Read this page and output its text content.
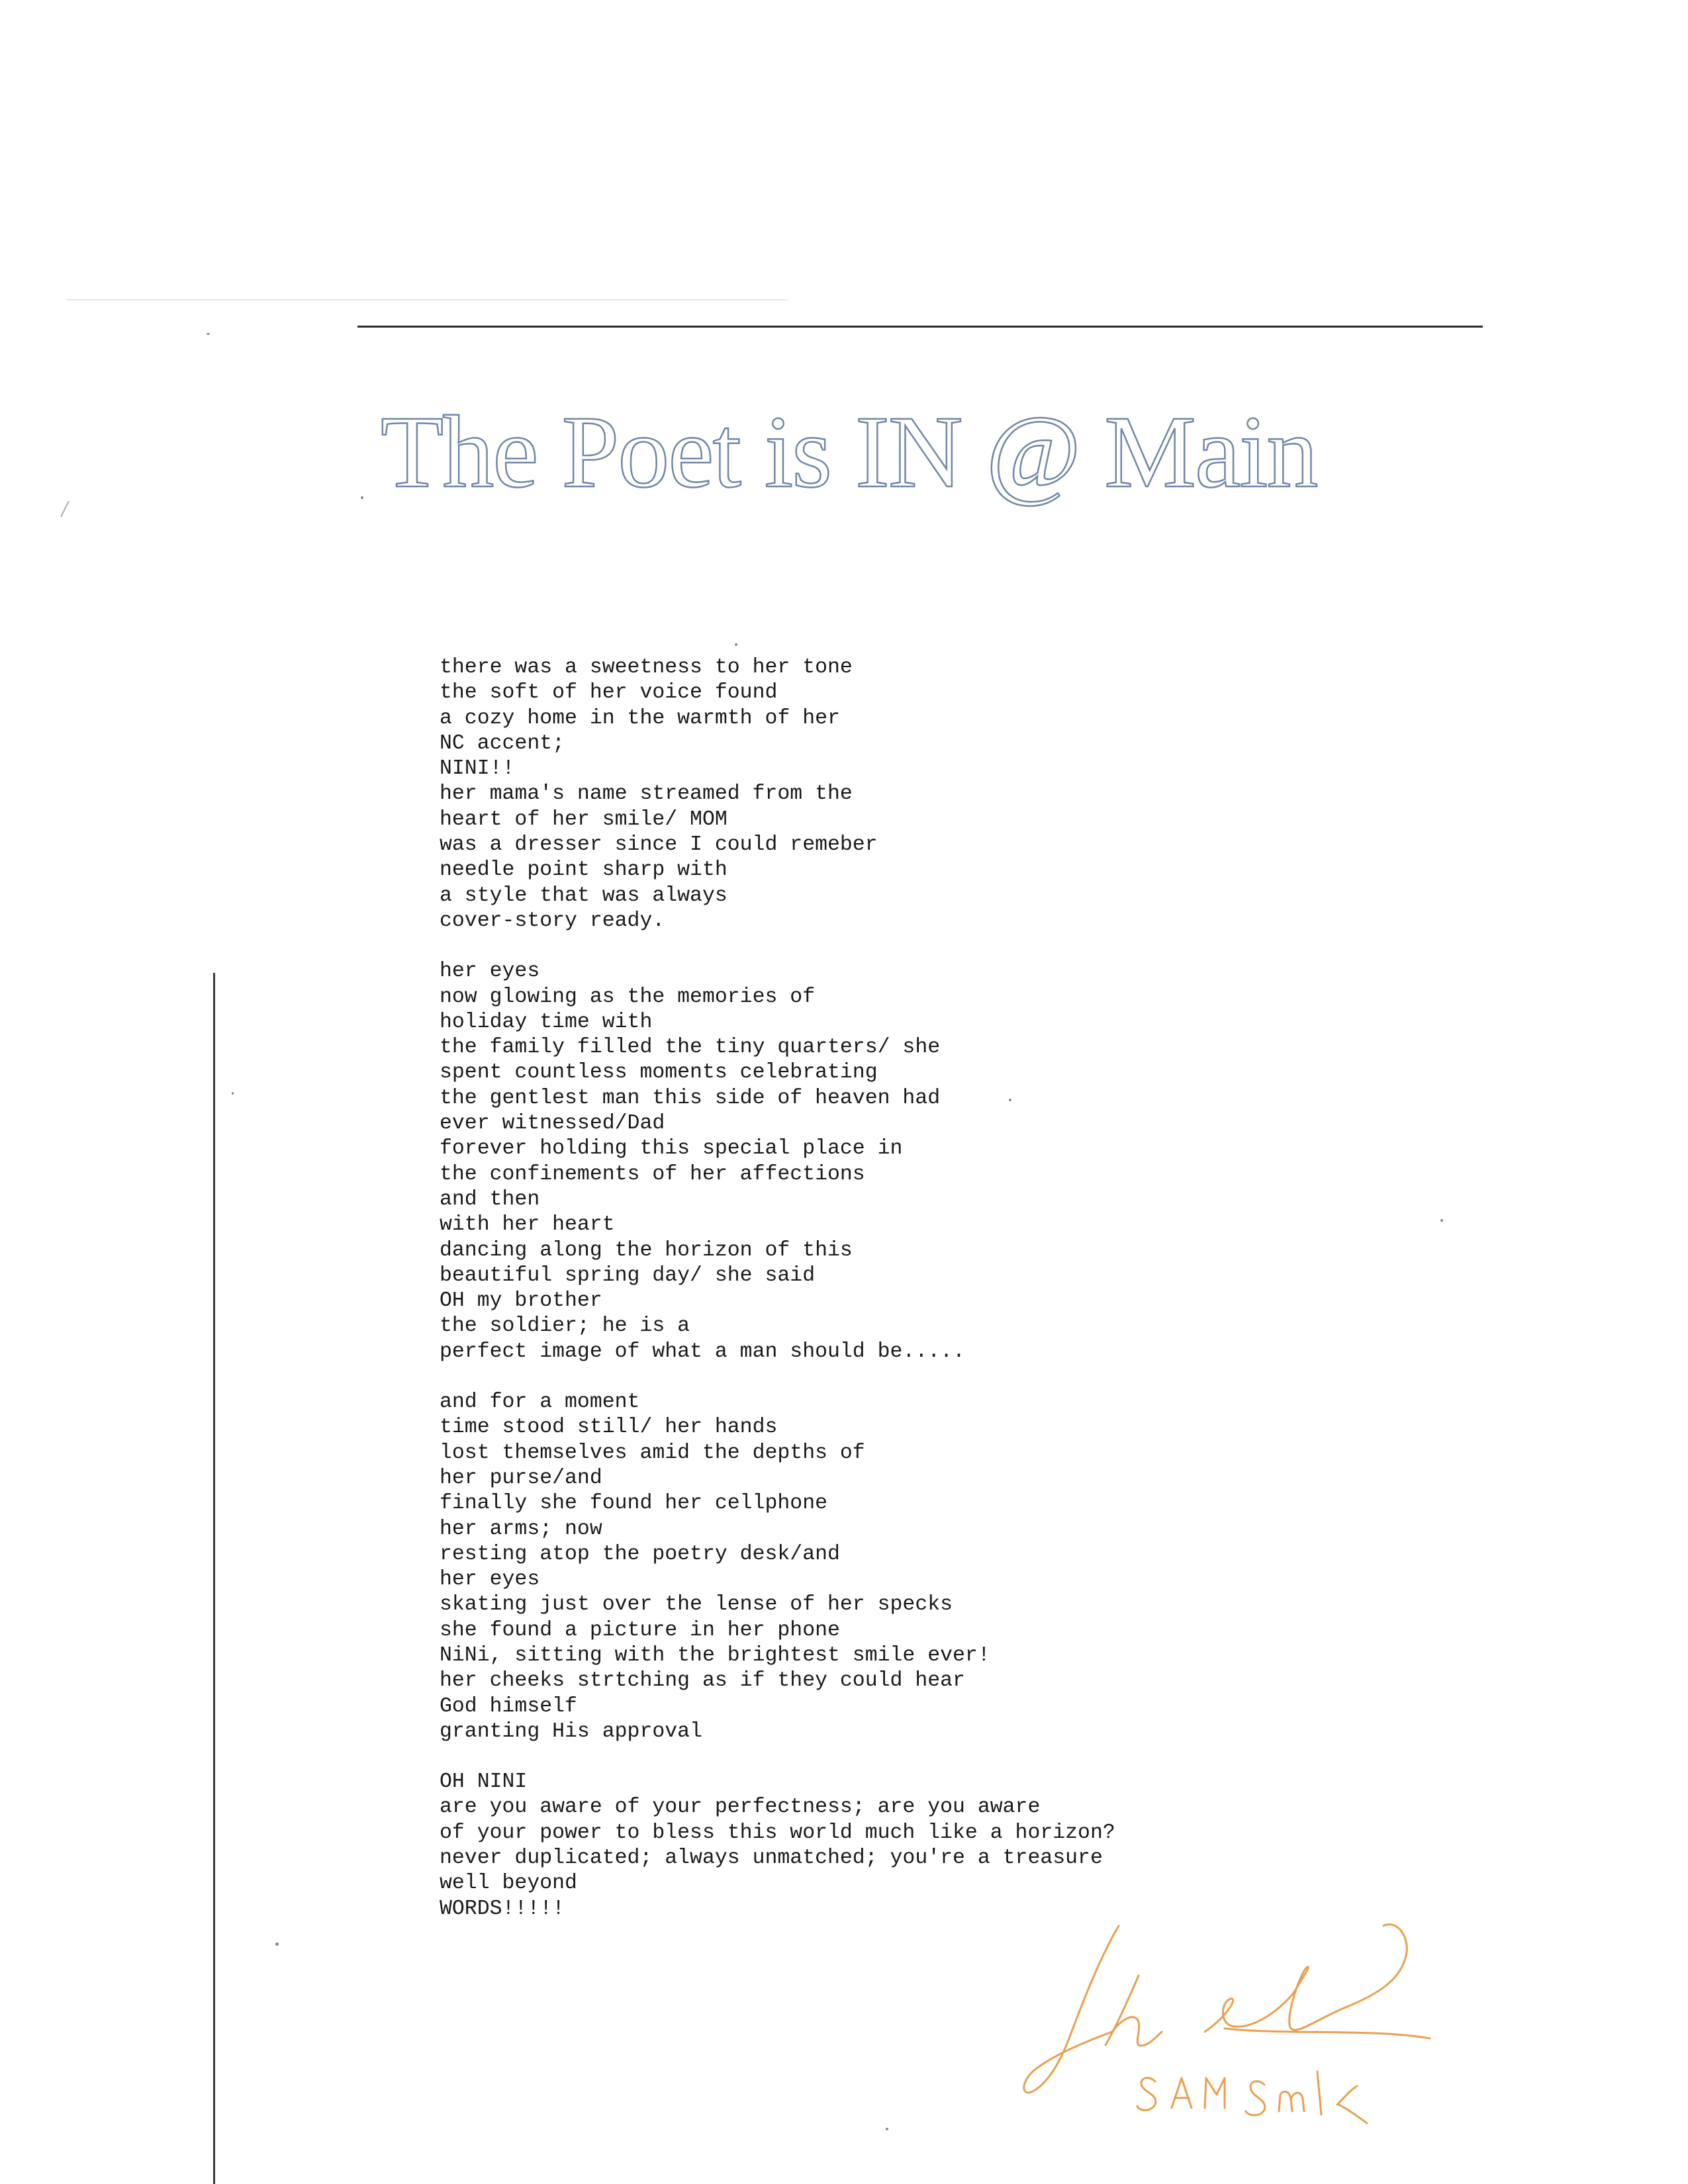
The Poet is IN @ Main
there was a sweetness to her tone
the soft of her voice found
a cozy home in the warmth of her
NC accent;
NINI!!
her mama's name streamed from the
heart of her smile/ MOM
was a dresser since I could remeber
needle point sharp with
a style that was always
cover-story ready.
her eyes
now glowing as the memories of
holiday time with
the family filled the tiny quarters/ she
spent countless moments celebrating
the gentlest man this side of heaven had
ever witnessed/Dad
forever holding this special place in
the confinements of her affections
and then
with her heart
dancing along the horizon of this
beautiful spring day/ she said
OH my brother
the soldier; he is a
perfect image of what a man should be.....
and for a moment
time stood still/ her hands
lost themselves amid the depths of
her purse/and
finally she found her cellphone
her arms; now
resting atop the poetry desk/and
her eyes
skating just over the lense of her specks
she found a picture in her phone
NiNi, sitting with the brightest smile ever!
her cheeks strtching as if they could hear
God himself
granting His approval
OH NINI
are you aware of your perfectness; are you aware
of your power to bless this world much like a horizon?
never duplicated; always unmatched; you're a treasure
well beyond
WORDS!!!!!
